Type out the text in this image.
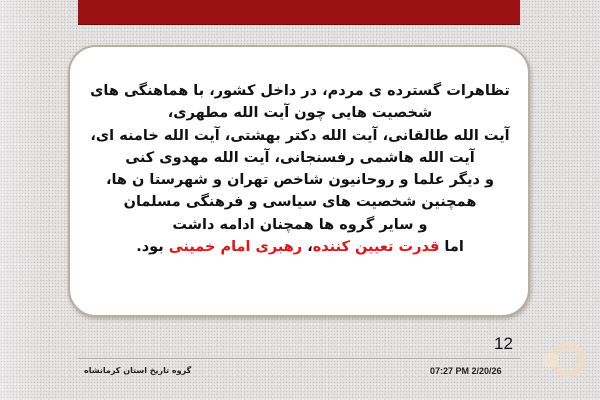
تظاهرات گسترده ی مردم، در داخل کشور، با هماهنگی های
شخصیت هایی چون آیت الله مطهری،
آیت الله طالقانی، آیت الله دکتر بهشتی، آیت الله خامنه ای،
آیت الله هاشمی رفسنجانی، آیت الله مهدوی کنی
و دیگر علما و روحانیون شاخص تهران و شهرستا ن ها،
همچنین شخصیت های سیاسی و فرهنگی مسلمان
و سایر گروه ها همچنان ادامه داشت
اما قدرت تعیین کننده، رهبری امام خمینی بود.
12
گروه تاریخ استان کرمانشاه	07:27 PM 2/20/26
